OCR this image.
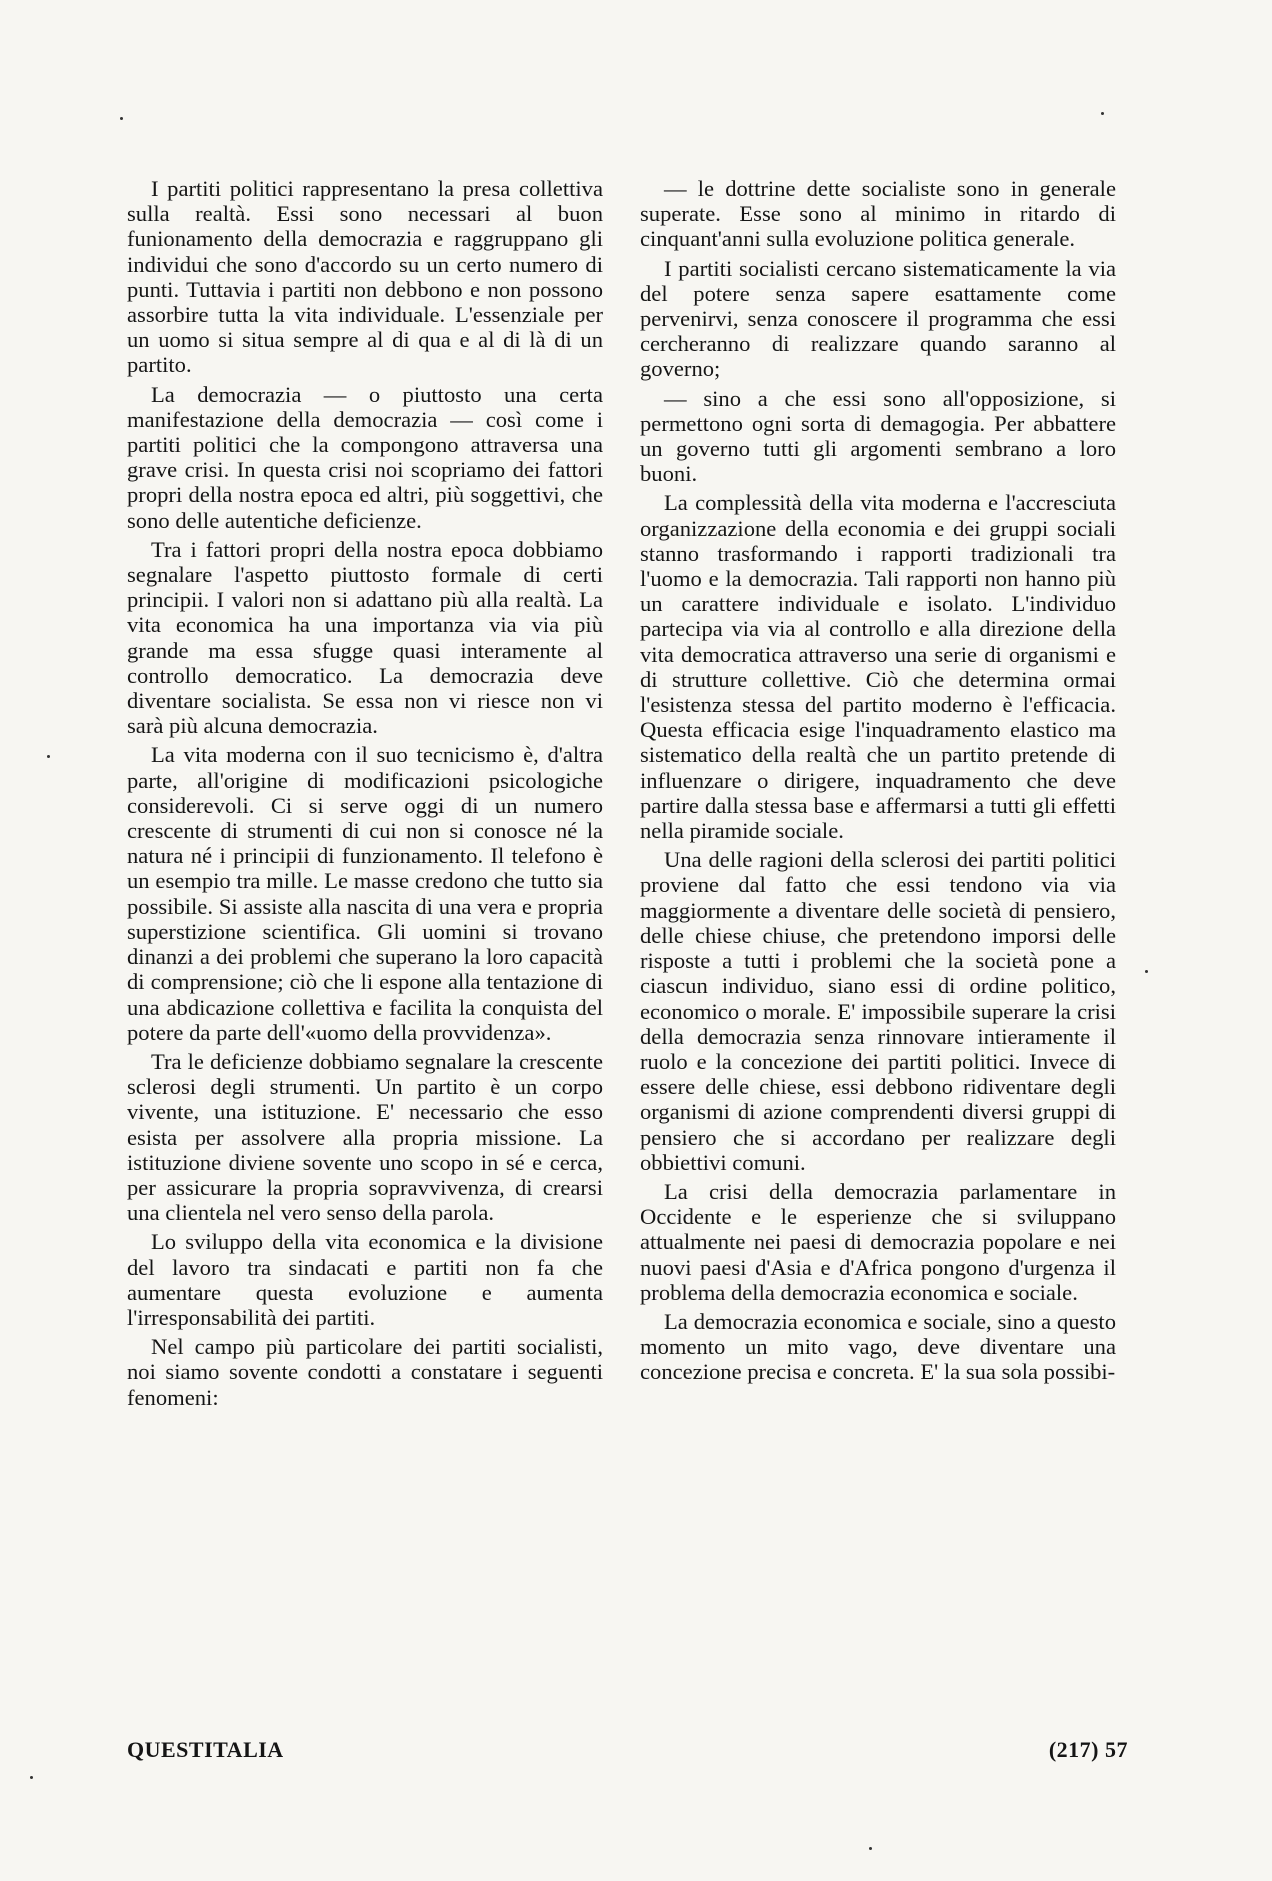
I partiti politici rappresentano la presa collettiva sulla realtà. Essi sono necessari al buon funionamento della democrazia e raggruppano gli individui che sono d'accordo su un certo numero di punti. Tuttavia i partiti non debbono e non possono assorbire tutta la vita individuale. L'essenziale per un uomo si situa sempre al di qua e al di là di un partito.

La democrazia — o piuttosto una certa manifestazione della democrazia — così come i partiti politici che la compongono attraversa una grave crisi. In questa crisi noi scopriamo dei fattori propri della nostra epoca ed altri, più soggettivi, che sono delle autentiche deficienze.

Tra i fattori propri della nostra epoca dobbiamo segnalare l'aspetto piuttosto formale di certi principii. I valori non si adattano più alla realtà. La vita economica ha una importanza via via più grande ma essa sfugge quasi interamente al controllo democratico. La democrazia deve diventare socialista. Se essa non vi riesce non vi sarà più alcuna democrazia.

La vita moderna con il suo tecnicismo è, d'altra parte, all'origine di modificazioni psicologiche considerevoli. Ci si serve oggi di un numero crescente di strumenti di cui non si conosce né la natura né i principii di funzionamento. Il telefono è un esempio tra mille. Le masse credono che tutto sia possibile. Si assiste alla nascita di una vera e propria superstizione scientifica. Gli uomini si trovano dinanzi a dei problemi che superano la loro capacità di comprensione; ciò che li espone alla tentazione di una abdicazione collettiva e facilita la conquista del potere da parte dell'«uomo della provvidenza».

Tra le deficienze dobbiamo segnalare la crescente sclerosi degli strumenti. Un partito è un corpo vivente, una istituzione. E' necessario che esso esista per assolvere alla propria missione. La istituzione diviene sovente uno scopo in sé e cerca, per assicurare la propria sopravvivenza, di crearsi una clientela nel vero senso della parola.

Lo sviluppo della vita economica e la divisione del lavoro tra sindacati e partiti non fa che aumentare questa evoluzione e aumenta l'irresponsabilità dei partiti.

Nel campo più particolare dei partiti socialisti, noi siamo sovente condotti a constatare i seguenti fenomeni:

— le dottrine dette socialiste sono in generale superate. Esse sono al minimo in ritardo di cinquant'anni sulla evoluzione politica generale.

I partiti socialisti cercano sistematicamente la via del potere senza sapere esattamente come pervenirvi, senza conoscere il programma che essi cercheranno di realizzare quando saranno al governo;

— sino a che essi sono all'opposizione, si permettono ogni sorta di demagogia. Per abbattere un governo tutti gli argomenti sembrano a loro buoni.

La complessità della vita moderna e l'accresciuta organizzazione della economia e dei gruppi sociali stanno trasformando i rapporti tradizionali tra l'uomo e la democrazia. Tali rapporti non hanno più un carattere individuale e isolato. L'individuo partecipa via via al controllo e alla direzione della vita democratica attraverso una serie di organismi e di strutture collettive. Ciò che determina ormai l'esistenza stessa del partito moderno è l'efficacia. Questa efficacia esige l'inquadramento elastico ma sistematico della realtà che un partito pretende di influenzare o dirigere, inquadramento che deve partire dalla stessa base e affermarsi a tutti gli effetti nella piramide sociale.

Una delle ragioni della sclerosi dei partiti politici proviene dal fatto che essi tendono via via maggiormente a diventare delle società di pensiero, delle chiese chiuse, che pretendono imporsi delle risposte a tutti i problemi che la società pone a ciascun individuo, siano essi di ordine politico, economico o morale. E' impossibile superare la crisi della democrazia senza rinnovare intieramente il ruolo e la concezione dei partiti politici. Invece di essere delle chiese, essi debbono ridiventare degli organismi di azione comprendenti diversi gruppi di pensiero che si accordano per realizzare degli obbiettivi comuni.

La crisi della democrazia parlamentare in Occidente e le esperienze che si sviluppano attualmente nei paesi di democrazia popolare e nei nuovi paesi d'Asia e d'Africa pongono d'urgenza il problema della democrazia economica e sociale.

La democrazia economica e sociale, sino a questo momento un mito vago, deve diventare una concezione precisa e concreta. E' la sua sola possibi-

QUESTITALIA	(217) 57
